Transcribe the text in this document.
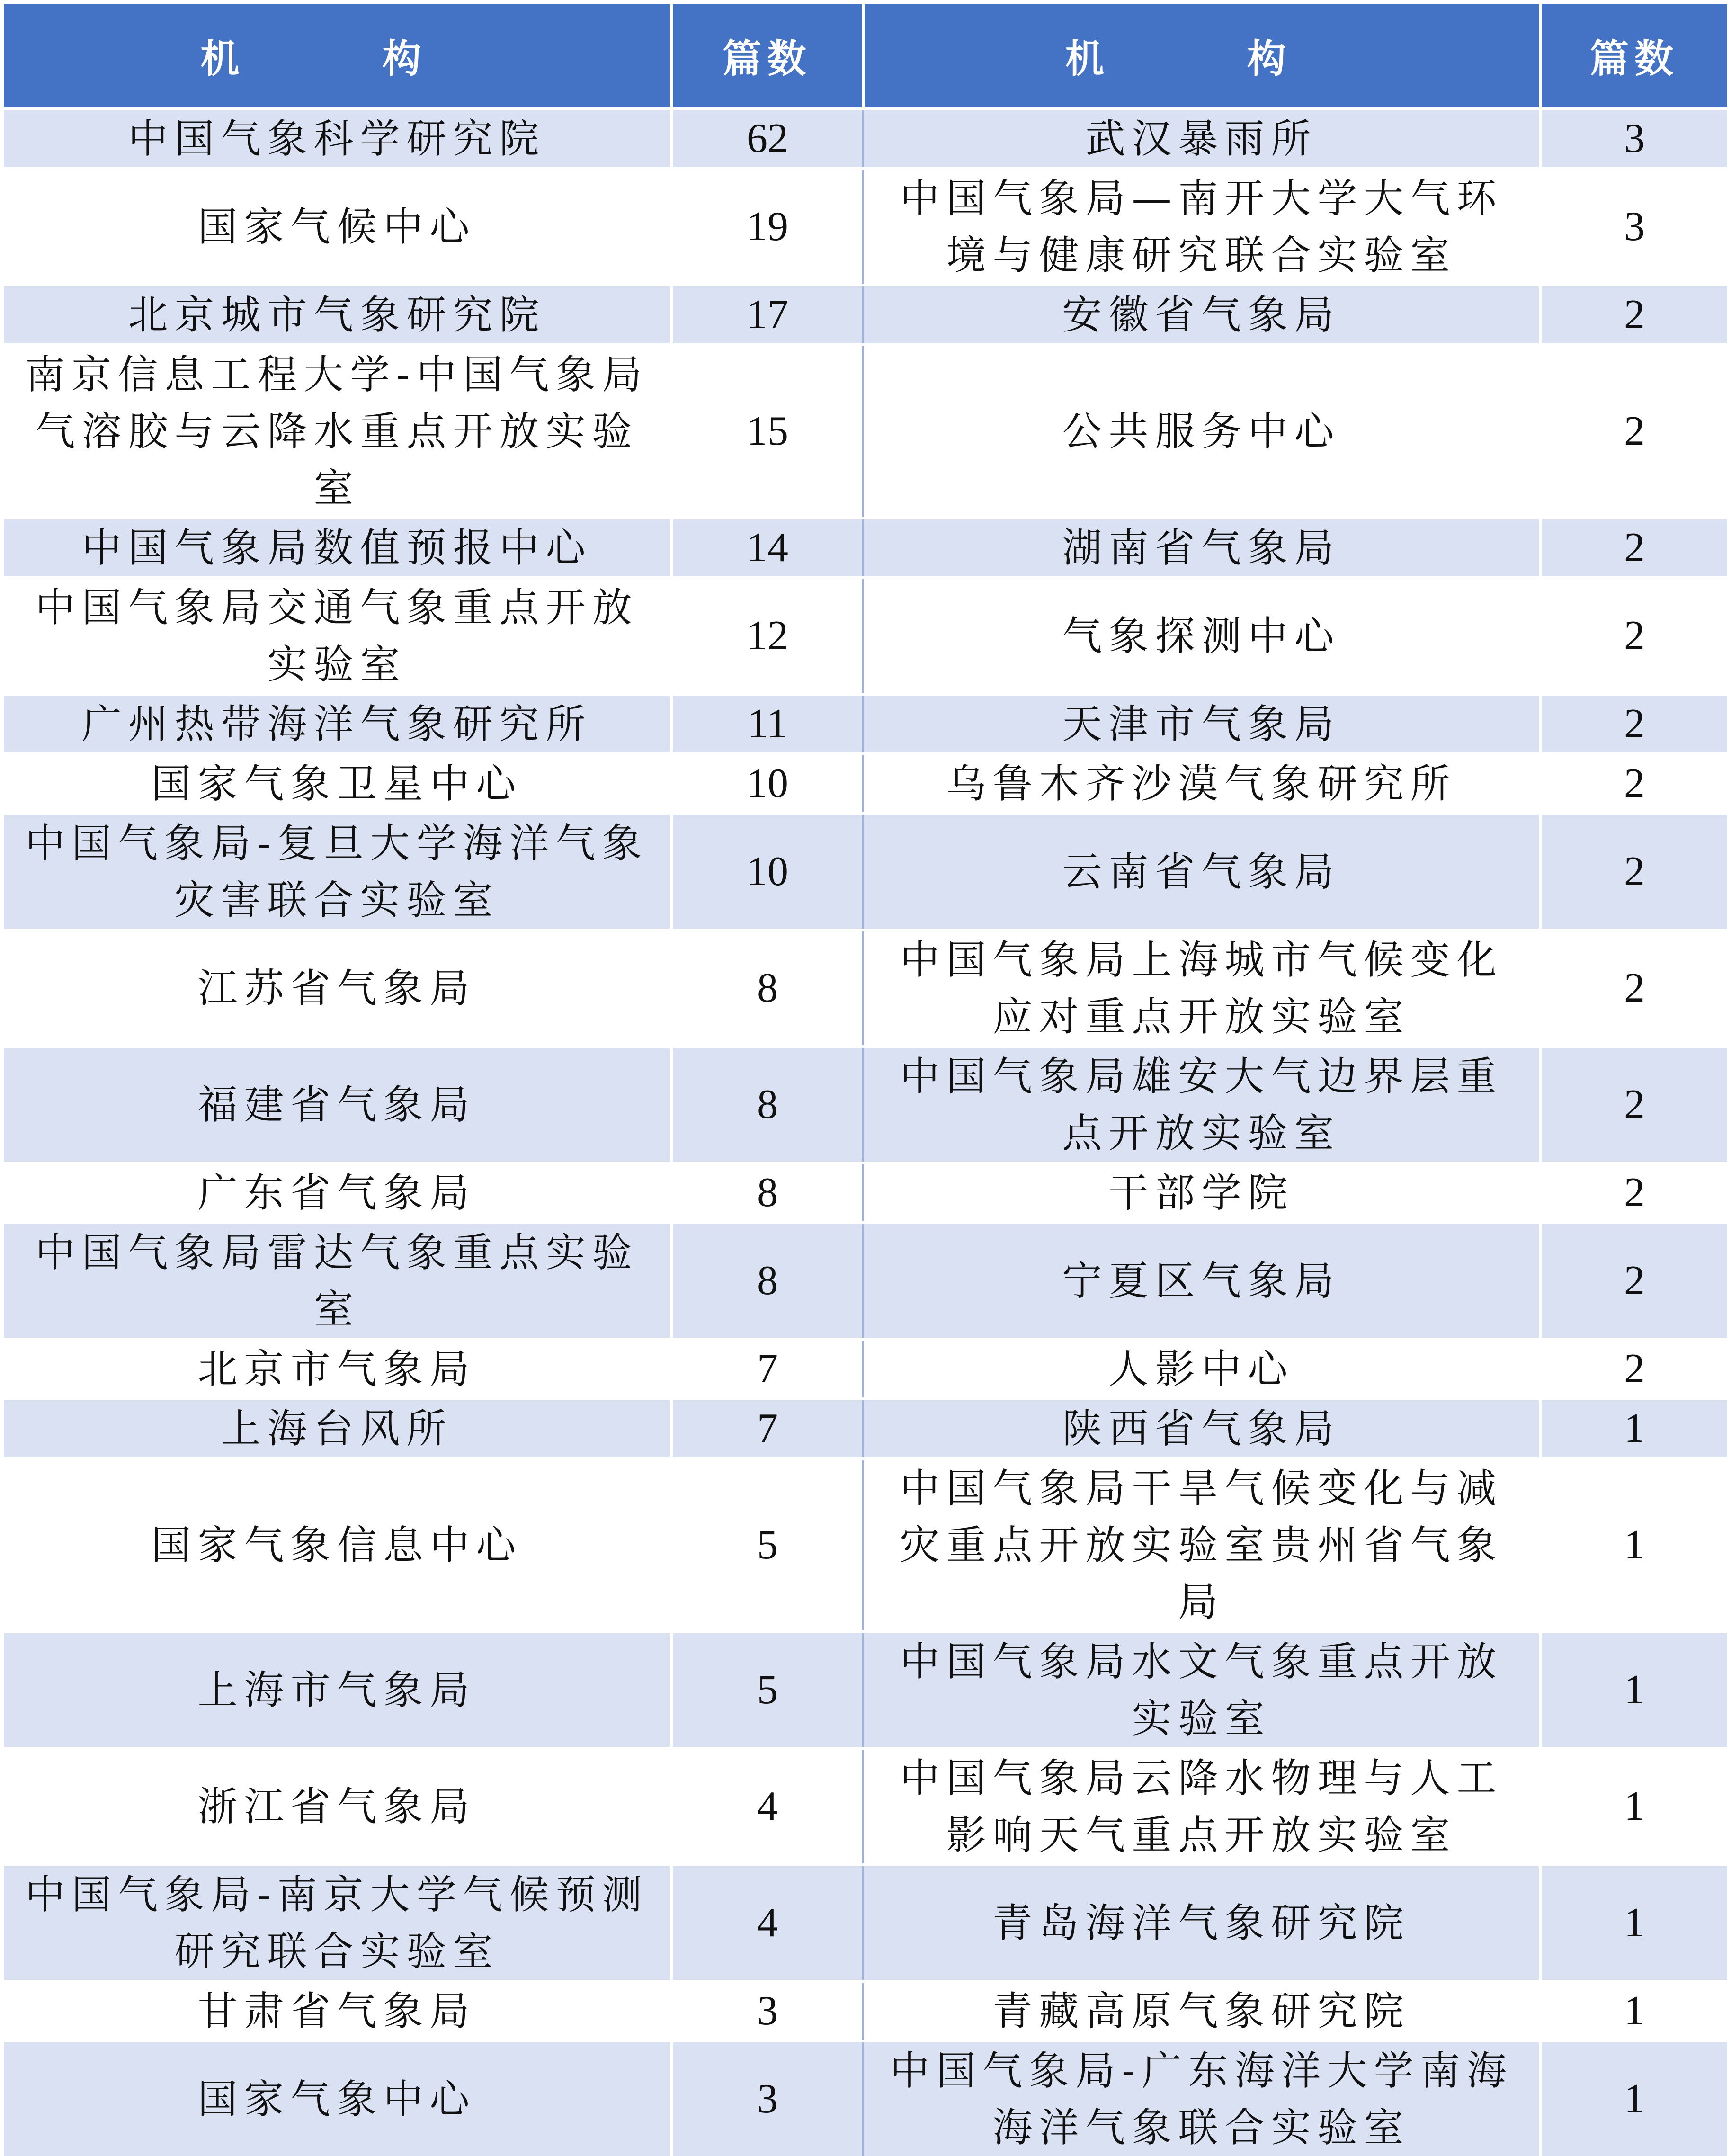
机　构	篇数	机　构	篇数

中国气象科学研究院	62	武汉暴雨所	3

国家气候中心	19	中国气象局—南开大学大气环境与健康研究联合实验室	3

北京城市气象研究院	17	安徽省气象局	2

南京信息工程大学-中国气象局气溶胶与云降水重点开放实验室	15	公共服务中心	2

中国气象局数值预报中心	14	湖南省气象局	2

中国气象局交通气象重点开放实验室	12	气象探测中心	2

广州热带海洋气象研究所	11	天津市气象局	2

国家气象卫星中心	10	乌鲁木齐沙漠气象研究所	2

中国气象局-复旦大学海洋气象灾害联合实验室	10	云南省气象局	2

江苏省气象局	8	中国气象局上海城市气候变化应对重点开放实验室	2

福建省气象局	8	中国气象局雄安大气边界层重点开放实验室	2

广东省气象局	8	干部学院	2

中国气象局雷达气象重点实验室	8	宁夏区气象局	2

北京市气象局	7	人影中心	2

上海台风所	7	陕西省气象局	1

国家气象信息中心	5	中国气象局干旱气候变化与减灾重点开放实验室贵州省气象局	1

上海市气象局	5	中国气象局水文气象重点开放实验室	1

浙江省气象局	4	中国气象局云降水物理与人工影响天气重点开放实验室	1

中国气象局-南京大学气候预测研究联合实验室	4	青岛海洋气象研究院	1

甘肃省气象局	3	青藏高原气象研究院	1

国家气象中心	3	中国气象局-广东海洋大学南海海洋气象联合实验室	1
